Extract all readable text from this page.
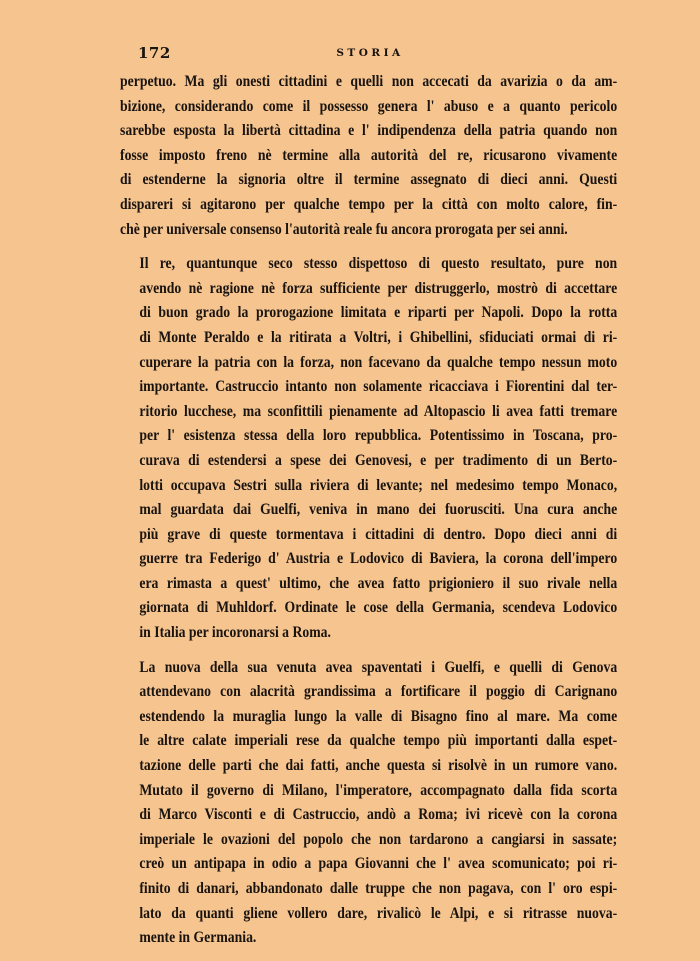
172	STORIA

perpetuo. Ma gli onesti cittadini e quelli non accecati da avarizia o da am-
bizione, considerando come il possesso genera l' abuso e a quanto pericolo
sarebbe esposta la libertà cittadina e l' indipendenza della patria quando non
fosse imposto freno nè termine alla autorità del re, ricusarono vivamente
di estenderne la signoria oltre il termine assegnato di dieci anni. Questi
dispareri si agitarono per qualche tempo per la città con molto calore, fin-
chè per universale consenso l'autorità reale fu ancora prorogata per sei anni.

Il re, quantunque seco stesso dispettoso di questo resultato, pure non
avendo nè ragione nè forza sufficiente per distruggerlo, mostrò di accettare
di buon grado la prorogazione limitata e riparti per Napoli. Dopo la rotta
di Monte Peraldo e la ritirata a Voltri, i Ghibellini, sfiduciati ormai di ri-
cuperare la patria con la forza, non facevano da qualche tempo nessun moto
importante. Castruccio intanto non solamente ricacciava i Fiorentini dal ter-
ritorio lucchese, ma sconfittili pienamente ad Altopascio li avea fatti tremare
per l' esistenza stessa della loro repubblica. Potentissimo in Toscana, pro-
curava di estendersi a spese dei Genovesi, e per tradimento di un Berto-
lotti occupava Sestri sulla riviera di levante; nel medesimo tempo Monaco,
mal guardata dai Guelfi, veniva in mano dei fuorusciti. Una cura anche
più grave di queste tormentava i cittadini di dentro. Dopo dieci anni di
guerre tra Federigo d' Austria e Lodovico di Baviera, la corona dell'impero
era rimasta a quest' ultimo, che avea fatto prigioniero il suo rivale nella
giornata di Muhldorf. Ordinate le cose della Germania, scendeva Lodovico
in Italia per incoronarsi a Roma.

La nuova della sua venuta avea spaventati i Guelfi, e quelli di Genova
attendevano con alacrità grandissima a fortificare il poggio di Carignano
estendendo la muraglia lungo la valle di Bisagno fino al mare. Ma come
le altre calate imperiali rese da qualche tempo più importanti dalla espet-
tazione delle parti che dai fatti, anche questa si risolvè in un rumore vano.
Mutato il governo di Milano, l'imperatore, accompagnato dalla fida scorta
di Marco Visconti e di Castruccio, andò a Roma; ivi ricevè con la corona
imperiale le ovazioni del popolo che non tardarono a cangiarsi in sassate;
creò un antipapa in odio a papa Giovanni che l' avea scomunicato; poi ri-
finito di danari, abbandonato dalle truppe che non pagava, con l' oro espi-
lato da quanti gliene vollero dare, rivalicò le Alpi, e si ritrasse nuova-
mente in Germania.
